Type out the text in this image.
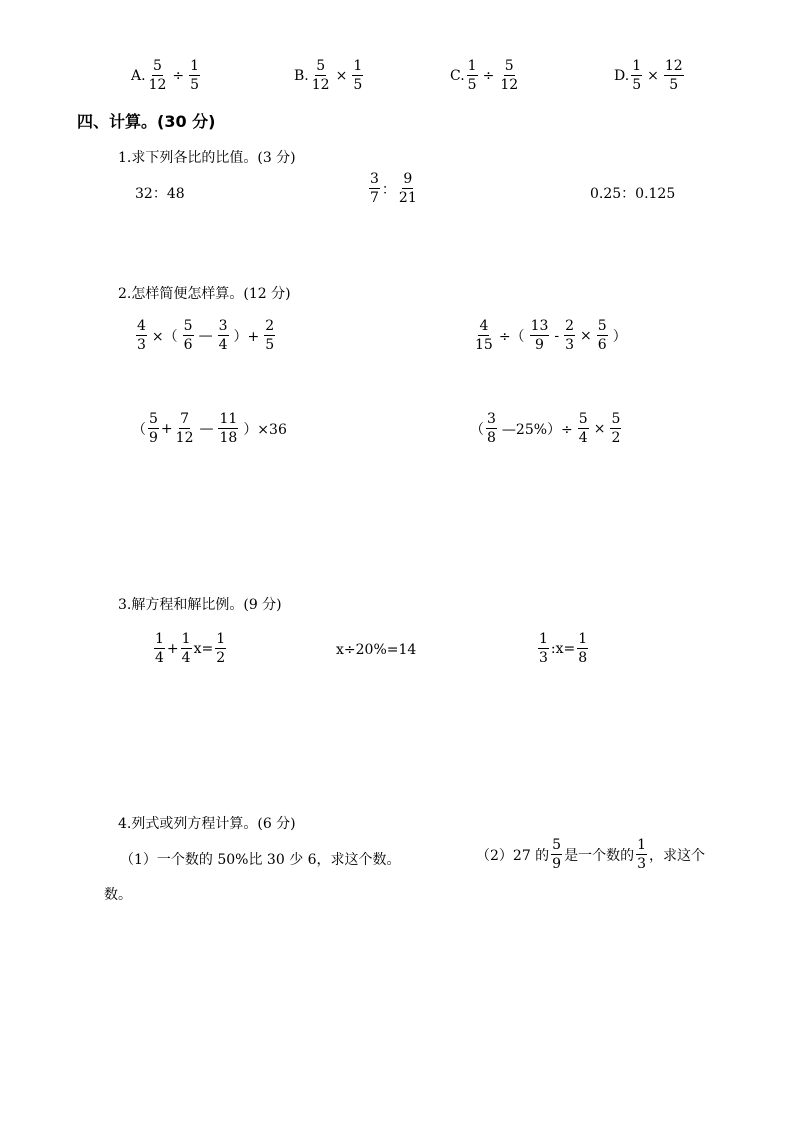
A. $\frac{5}{12} \div \frac{1}{5}$	B. $\frac{5}{12} \times \frac{1}{5}$	C. $\frac{1}{5} \div \frac{5}{12}$	D. $\frac{1}{5} \times \frac{12}{5}$
四、计算。(30 分)
1.求下列各比的比值。(3 分)
32：48	$\frac{3}{7}$ ： $\frac{9}{21}$	0.25：0.125
2.怎样简便怎样算。(12 分)
$\frac{4}{3}$ ×（ $\frac{5}{6}$ — $\frac{3}{4}$ ）+ $\frac{2}{5}$	$\frac{4}{15}$ ÷（ $\frac{13}{9} - \frac{2}{3} \times \frac{5}{6}$ ）
（ $\frac{5}{9} + \frac{7}{12}$ — $\frac{11}{18} )\times 36$	（ $\frac{3}{8}$ —25%）÷ $\frac{5}{4} \times \frac{5}{2}$
3.解方程和解比例。(9 分)
$\frac{1}{4} + \frac{1}{4} x= \frac{1}{2}$	x÷20%=14	$\frac{1}{3}$ :x= $\frac{1}{8}$
4.列式或列方程计算。(6 分)
（1）一个数的 50%比 30 少 6，求这个数。	（2）27 的 $\frac{5}{9}$ 是一个数的 $\frac{1}{3}$ ，求这个
数。
